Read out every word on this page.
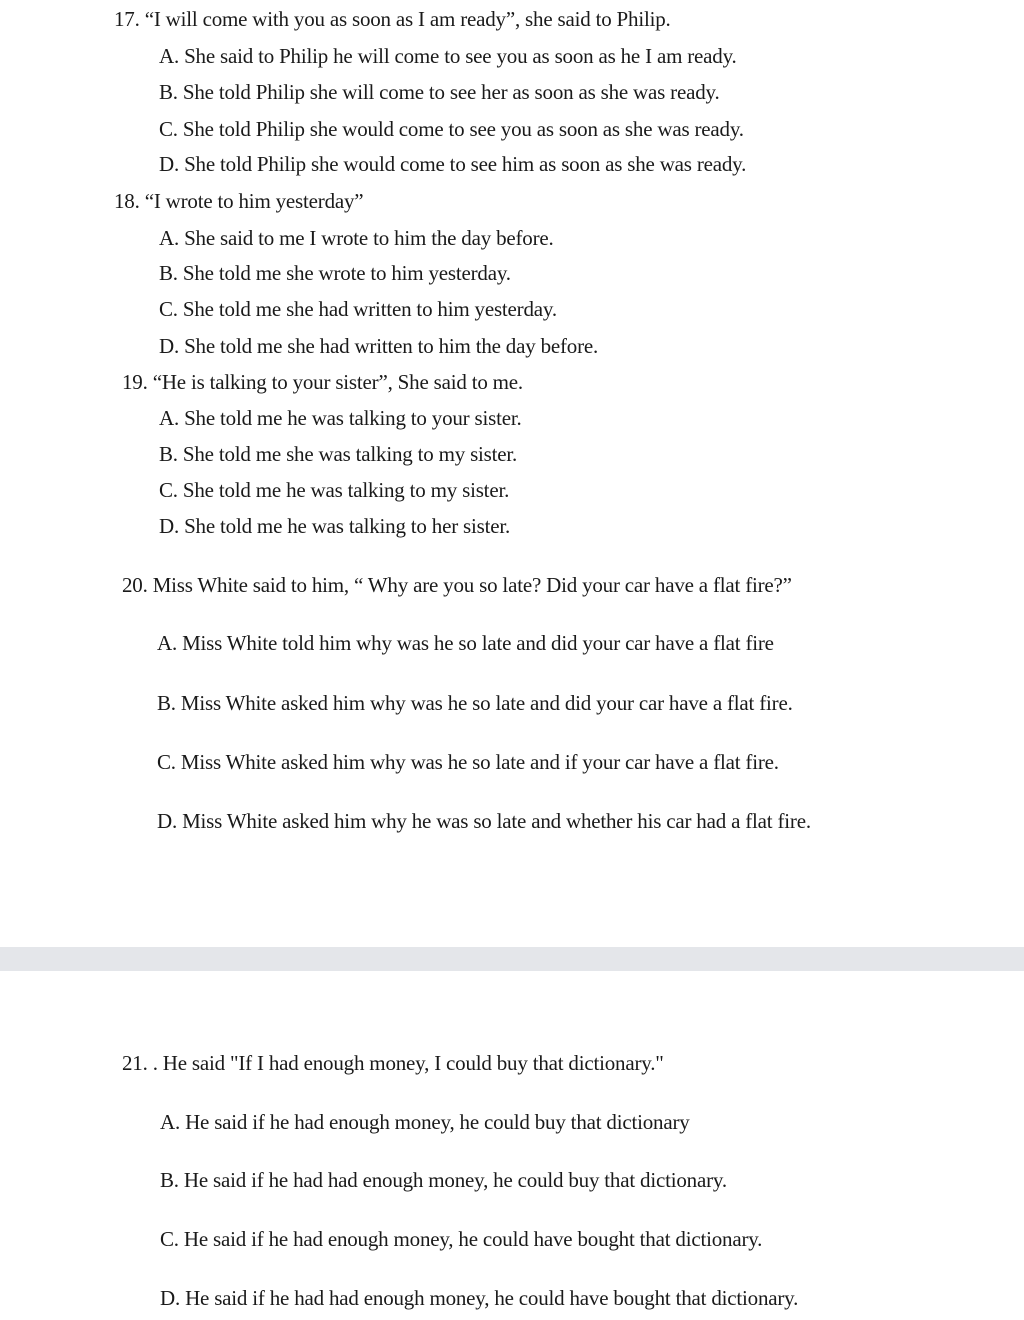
17. “I will come with you as soon as I am ready”, she said to Philip.
A. She said to Philip he will come to see you as soon as he I am ready.
B. She told Philip she will come to see her as soon as she was ready.
C. She told Philip she would come to see you as soon as she was ready.
D. She told Philip she would come to see him as soon as she was ready.
18. “I wrote to him yesterday”
A. She said to me I wrote to him the day before.
B. She told me she wrote to him yesterday.
C. She told me she had written to him yesterday.
D. She told me she had written to him the day before.
19. “He is talking to your sister”, She said to me.
A. She told me he was talking to your sister.
B. She told me she was talking to my sister.
C. She told me he was talking to my sister.
D. She told me he was talking to her sister.
20. Miss White said to him, “ Why are you so late? Did your car have a flat fire?”
A. Miss White told him why was he so late and did your car have a flat fire
B. Miss White asked him why was he so late and did your car have a flat fire.
C. Miss White asked him why was he so late and if your car have a flat fire.
D. Miss White asked him why he was so late and whether his car had a flat fire.
21. . He said "If I had enough money, I could buy that dictionary."
A. He said if he had enough money, he could buy that dictionary
B. He said if he had had enough money, he could buy that dictionary.
C. He said if he had enough money, he could have bought that dictionary.
D. He said if he had had enough money, he could have bought that dictionary.
